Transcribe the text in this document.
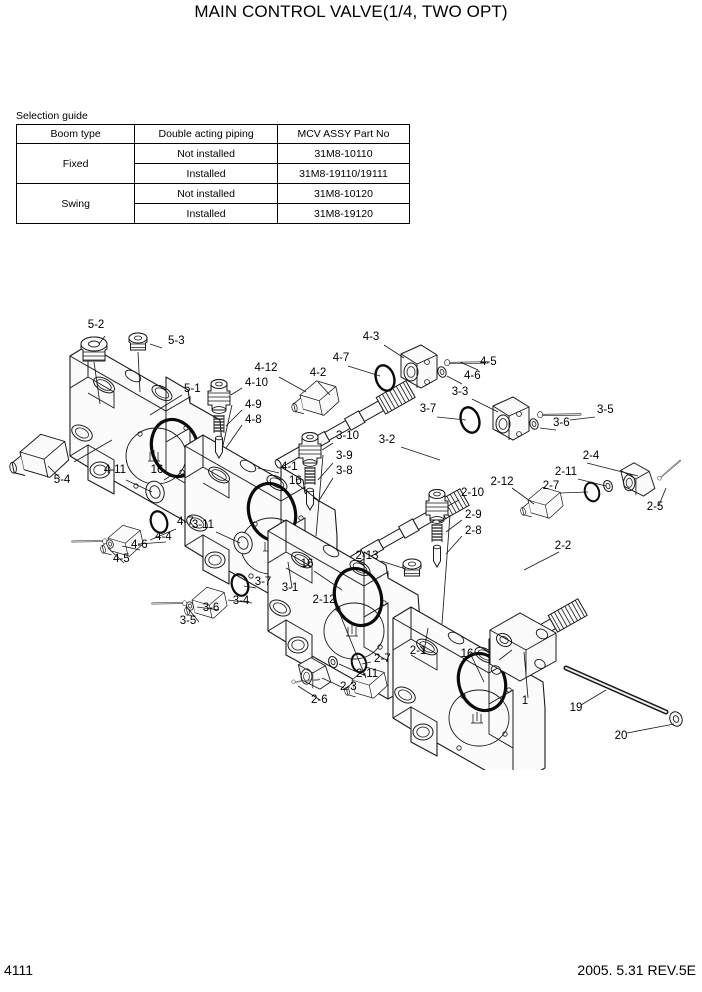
MAIN CONTROL VALVE(1/4, TWO OPT)
Selection guide
Boom type	Double acting piping	MCV ASSY Part No
Fixed	Not installed	31M8-10110
	Installed	31M8-19110/19111
Swing	Not installed	31M8-10120
	Installed	31M8-19120
5-2
5-3
5-1
5-4
4-11 16
4-12
4-10
4-9
4-8
4-2
4-7
4-3
4-5
4-6
3-3
3-5
3-6
3-7
3-2
4-1
16
3-10
3-9
3-8
2-4
2-11
2-12	2-7
2-5
2-2
4-7
4-4
4-6
4-5
3-11
2-10
2-9
2-8
2-13
16
3-7 3-1
3-4
3-6
3-5
2-12
2-1	16
2-7
2-11
2-3
2-6	1
19
20
4111	2005. 5.31 REV.5E
